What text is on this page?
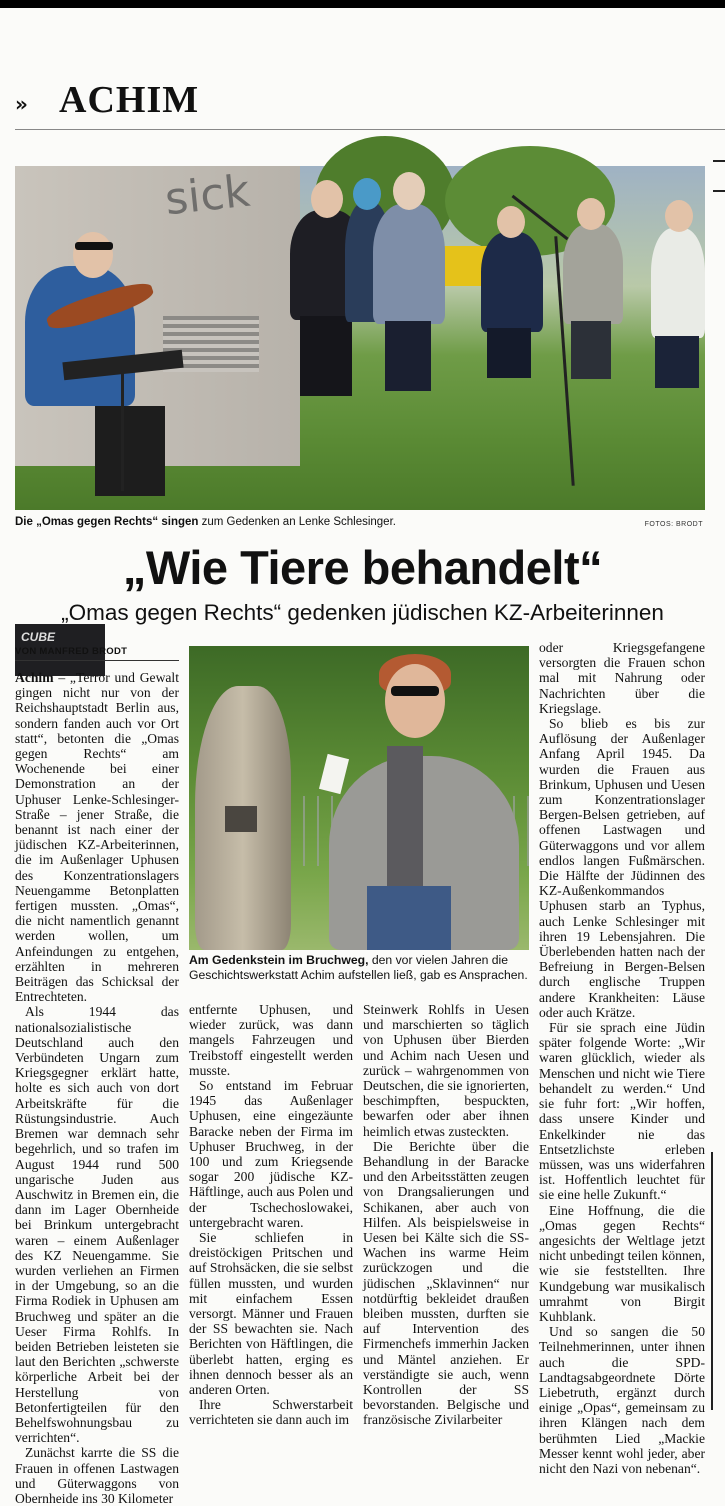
» ACHIM
sick
CUBE
Die „Omas gegen Rechts“ singen zum Gedenken an Lenke Schlesinger.	FOTOS: BRODT
„Wie Tiere behandelt“
„Omas gegen Rechts“ gedenken jüdischen KZ-Arbeiterinnen
VON MANFRED BRODT

Achim – „Terror und Gewalt gingen nicht nur von der Reichshauptstadt Berlin aus, sondern fanden auch vor Ort statt“, betonten die „Omas gegen Rechts“ am Wochenende bei einer Demonstration an der Uphuser Lenke-Schlesinger-Straße – jener Straße, die benannt ist nach einer der jüdischen KZ-Arbeiterinnen, die im Außenlager Uphusen des Konzentrationslagers Neuengamme Betonplatten fertigen mussten. „Omas“, die nicht namentlich genannt werden wollen, um Anfeindungen zu entgehen, erzählten in mehreren Beiträgen das Schicksal der Entrechteten.

Als 1944 das nationalsozialistische Deutschland auch den Verbündeten Ungarn zum Kriegsgegner erklärt hatte, holte es sich auch von dort Arbeitskräfte für die Rüstungsindustrie. Auch Bremen war demnach sehr begehrlich, und so trafen im August 1944 rund 500 ungarische Juden aus Auschwitz in Bremen ein, die dann im Lager Obernheide bei Brinkum untergebracht waren – einem Außenlager des KZ Neuengamme. Sie wurden verliehen an Firmen in der Umgebung, so an die Firma Rodiek in Uphusen am Bruchweg und später an die Ueser Firma Rohlfs. In beiden Betrieben leisteten sie laut den Berichten „schwerste körperliche Arbeit bei der Herstellung von Betonfertigteilen für den Behelfswohnungsbau zu verrichten“.

Zunächst karrte die SS die Frauen in offenen Lastwagen und Güterwaggons von Obernheide ins 30 Kilometer

Am Gedenkstein im Bruchweg, den vor vielen Jahren die Geschichtswerkstatt Achim aufstellen ließ, gab es Ansprachen.

entfernte Uphusen, und wieder zurück, was dann mangels Fahrzeugen und Treibstoff eingestellt werden musste.

So entstand im Februar 1945 das Außenlager Uphusen, eine eingezäunte Baracke neben der Firma im Uphuser Bruchweg, in der 100 und zum Kriegsende sogar 200 jüdische KZ-Häftlinge, auch aus Polen und der Tschechoslowakei, untergebracht waren.

Sie schliefen in dreistöckigen Pritschen und auf Strohsäcken, die sie selbst füllen mussten, und wurden mit einfachem Essen versorgt. Männer und Frauen der SS bewachten sie. Nach Berichten von Häftlingen, die überlebt hatten, erging es ihnen dennoch besser als an anderen Orten.

Ihre Schwerstarbeit verrichteten sie dann auch im

Steinwerk Rohlfs in Uesen und marschierten so täglich von Uphusen über Bierden und Achim nach Uesen und zurück – wahrgenommen von Deutschen, die sie ignorierten, beschimpften, bespuckten, bewarfen oder aber ihnen heimlich etwas zusteckten.

Die Berichte über die Behandlung in der Baracke und den Arbeitsstätten zeugen von Drangsalierungen und Schikanen, aber auch von Hilfen. Als beispielsweise in Uesen bei Kälte sich die SS-Wachen ins warme Heim zurückzogen und die jüdischen „Sklavinnen“ nur notdürftig bekleidet draußen bleiben mussten, durften sie auf Intervention des Firmenchefs immerhin Jacken und Mäntel anziehen. Er verständigte sie auch, wenn Kontrollen der SS bevorstanden. Belgische und französische Zivilarbeiter

oder Kriegsgefangene versorgten die Frauen schon mal mit Nahrung oder Nachrichten über die Kriegslage.

So blieb es bis zur Auflösung der Außenlager Anfang April 1945. Da wurden die Frauen aus Brinkum, Uphusen und Uesen zum Konzentrationslager Bergen-Belsen getrieben, auf offenen Lastwagen und Güterwaggons und vor allem endlos langen Fußmärschen. Die Hälfte der Jüdinnen des KZ-Außenkommandos Uphusen starb an Typhus, auch Lenke Schlesinger mit ihren 19 Lebensjahren. Die Überlebenden hatten nach der Befreiung in Bergen-Belsen durch englische Truppen andere Krankheiten: Läuse oder auch Krätze.

Für sie sprach eine Jüdin später folgende Worte: „Wir waren glücklich, wieder als Menschen und nicht wie Tiere behandelt zu werden.“ Und sie fuhr fort: „Wir hoffen, dass unsere Kinder und Enkelkinder nie das Entsetzlichste erleben müssen, was uns widerfahren ist. Hoffentlich leuchtet für sie eine helle Zukunft.“

Eine Hoffnung, die die „Omas gegen Rechts“ angesichts der Weltlage jetzt nicht unbedingt teilen können, wie sie feststellten. Ihre Kundgebung war musikalisch umrahmt von Birgit Kuhblank.

Und so sangen die 50 Teilnehmerinnen, unter ihnen auch die SPD-Landtagsabgeordnete Dörte Liebetruth, ergänzt durch einige „Opas“, gemeinsam zu ihren Klängen nach dem berühmten Lied „Mackie Messer kennt wohl jeder, aber nicht den Nazi von nebenan“.
